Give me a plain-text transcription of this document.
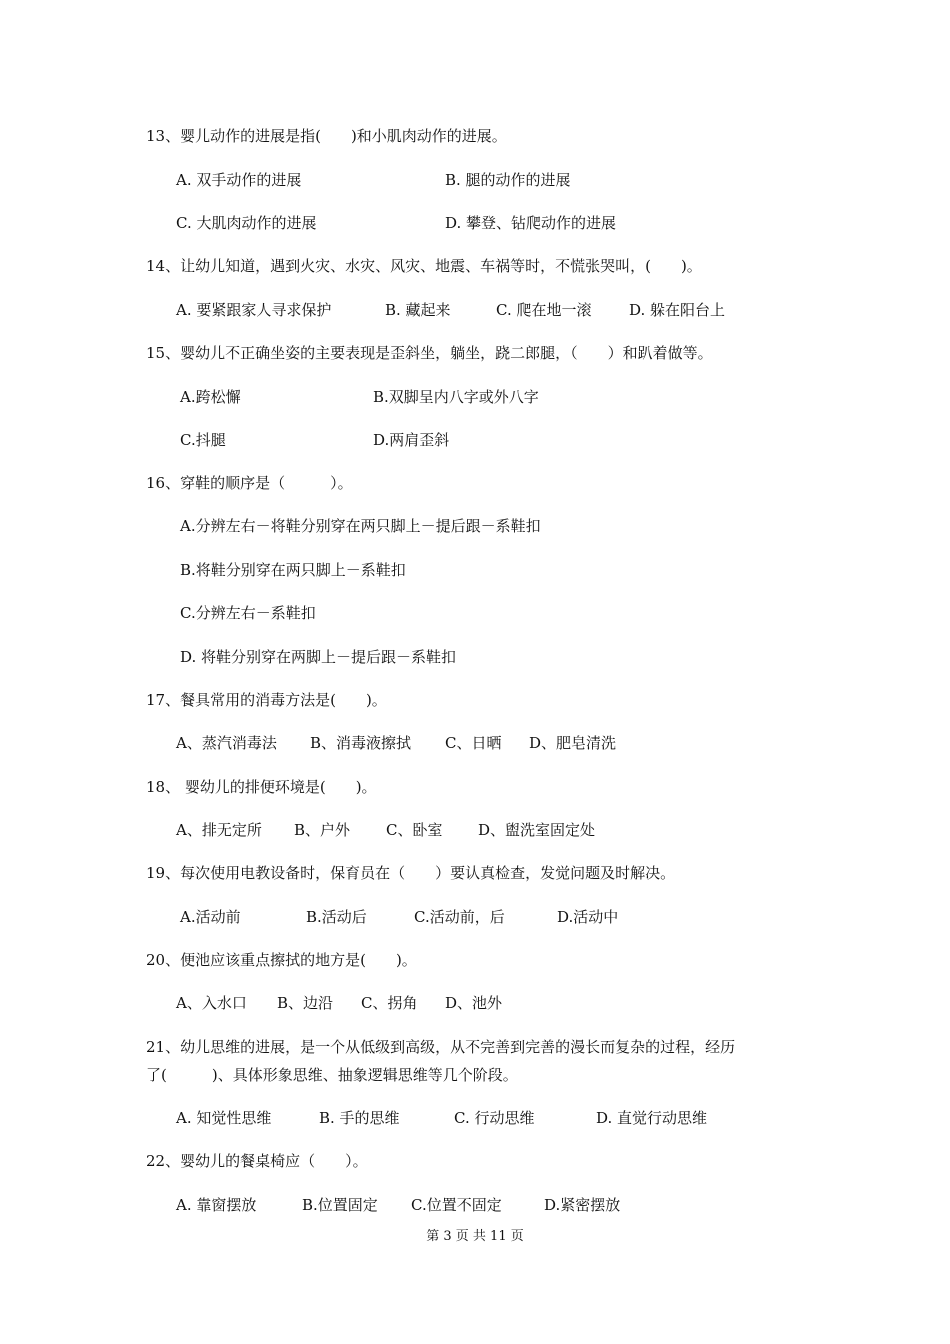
13、婴儿动作的进展是指(　　)和小肌肉动作的进展。
A. 双手动作的进展	B. 腿的动作的进展
C. 大肌肉动作的进展	D. 攀登、钻爬动作的进展
14、让幼儿知道，遇到火灾、水灾、风灾、地震、车祸等时，不慌张哭叫，(　　)。
A. 要紧跟家人寻求保护	B. 藏起来	C. 爬在地一滚	D. 躲在阳台上
15、婴幼儿不正确坐姿的主要表现是歪斜坐，躺坐，跷二郎腿，（　　）和趴着做等。
A.跨松懈	B.双脚呈内八字或外八字
C.抖腿	D.两肩歪斜
16、穿鞋的顺序是（　　　）。
A.分辨左右－将鞋分别穿在两只脚上－提后跟－系鞋扣
B.将鞋分别穿在两只脚上－系鞋扣
C.分辨左右－系鞋扣
D. 将鞋分别穿在两脚上－提后跟－系鞋扣
17、餐具常用的消毒方法是(　　)。
A、蒸汽消毒法 B、消毒液擦拭 C、日晒 D、肥皂清洗
18、 婴幼儿的排便环境是(　　)。
A、排无定所 B、户外 C、卧室 D、盥洗室固定处
19、每次使用电教设备时，保育员在（　　）要认真检查，发觉问题及时解决。
A.活动前	B.活动后	C.活动前，后	D.活动中
20、便池应该重点擦拭的地方是(　　)。
A、入水口 B、边沿 C、拐角 D、池外
21、幼儿思维的进展，是一个从低级到高级，从不完善到完善的漫长而复杂的过程，经历
了(　　　)、具体形象思维、抽象逻辑思维等几个阶段。
A. 知觉性思维	B. 手的思维	C. 行动思维	D. 直觉行动思维
22、婴幼儿的餐桌椅应（　　）。
A. 靠窗摆放	B.位置固定 C.位置不固定	D.紧密摆放
第 3 页 共 11 页
